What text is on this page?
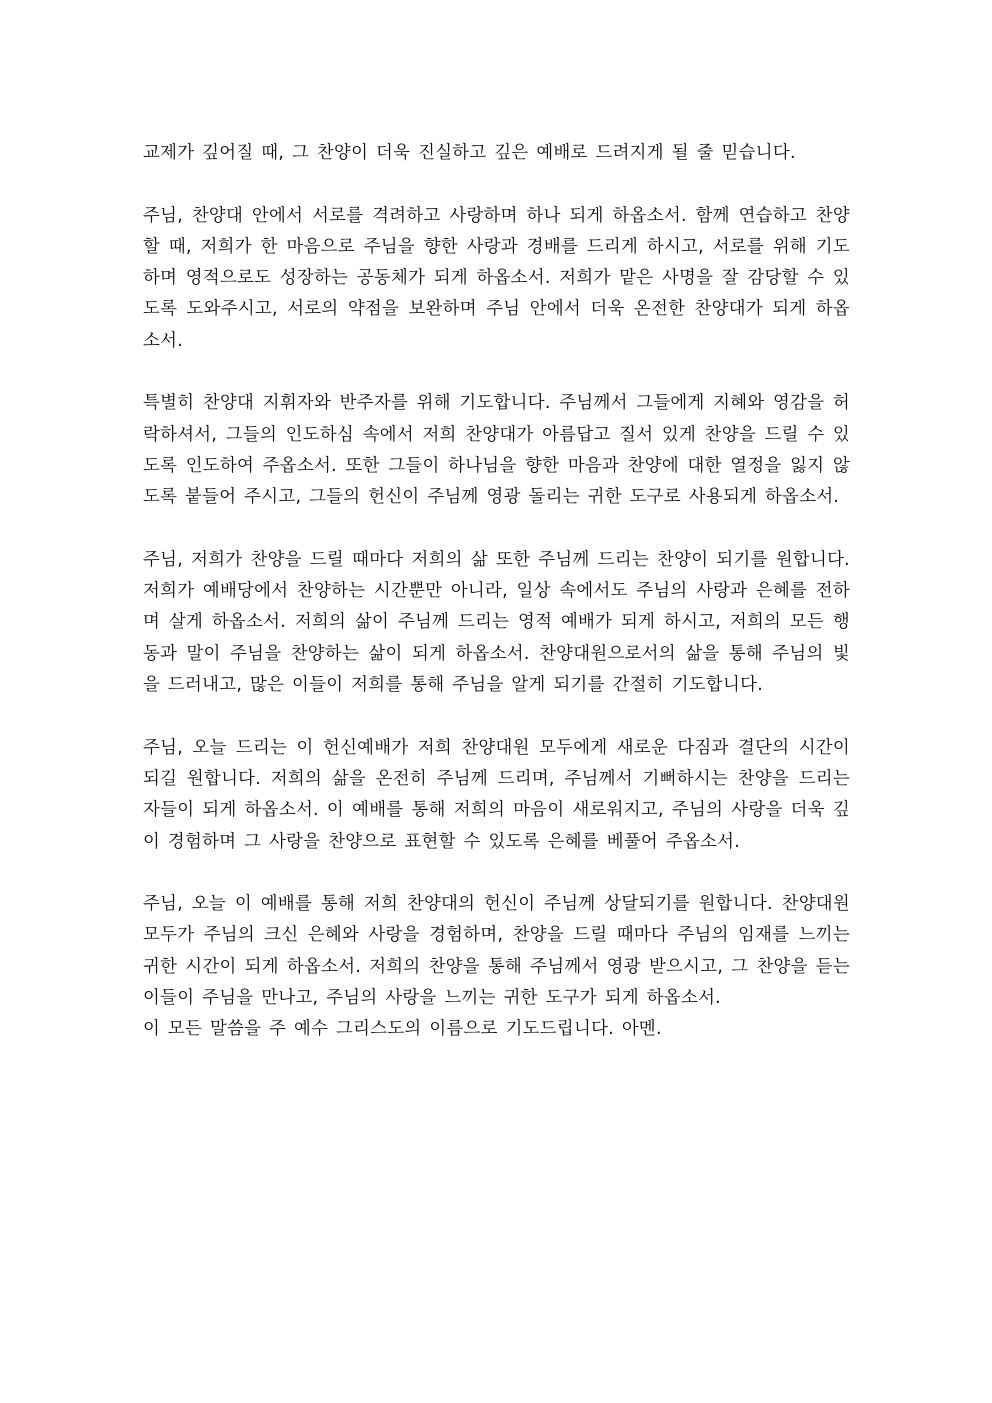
교제가 깊어질 때, 그 찬양이 더욱 진실하고 깊은 예배로 드려지게 될 줄 믿습니다.

주님, 찬양대 안에서 서로를 격려하고 사랑하며 하나 되게 하옵소서. 함께 연습하고 찬양할 때, 저희가 한 마음으로 주님을 향한 사랑과 경배를 드리게 하시고, 서로를 위해 기도하며 영적으로도 성장하는 공동체가 되게 하옵소서. 저희가 맡은 사명을 잘 감당할 수 있도록 도와주시고, 서로의 약점을 보완하며 주님 안에서 더욱 온전한 찬양대가 되게 하옵소서.

특별히 찬양대 지휘자와 반주자를 위해 기도합니다. 주님께서 그들에게 지혜와 영감을 허락하셔서, 그들의 인도하심 속에서 저희 찬양대가 아름답고 질서 있게 찬양을 드릴 수 있도록 인도하여 주옵소서. 또한 그들이 하나님을 향한 마음과 찬양에 대한 열정을 잃지 않도록 붙들어 주시고, 그들의 헌신이 주님께 영광 돌리는 귀한 도구로 사용되게 하옵소서.

주님, 저희가 찬양을 드릴 때마다 저희의 삶 또한 주님께 드리는 찬양이 되기를 원합니다. 저희가 예배당에서 찬양하는 시간뿐만 아니라, 일상 속에서도 주님의 사랑과 은혜를 전하며 살게 하옵소서. 저희의 삶이 주님께 드리는 영적 예배가 되게 하시고, 저희의 모든 행동과 말이 주님을 찬양하는 삶이 되게 하옵소서. 찬양대원으로서의 삶을 통해 주님의 빛을 드러내고, 많은 이들이 저희를 통해 주님을 알게 되기를 간절히 기도합니다.

주님, 오늘 드리는 이 헌신예배가 저희 찬양대원 모두에게 새로운 다짐과 결단의 시간이 되길 원합니다. 저희의 삶을 온전히 주님께 드리며, 주님께서 기뻐하시는 찬양을 드리는 자들이 되게 하옵소서. 이 예배를 통해 저희의 마음이 새로워지고, 주님의 사랑을 더욱 깊이 경험하며 그 사랑을 찬양으로 표현할 수 있도록 은혜를 베풀어 주옵소서.

주님, 오늘 이 예배를 통해 저희 찬양대의 헌신이 주님께 상달되기를 원합니다. 찬양대원 모두가 주님의 크신 은혜와 사랑을 경험하며, 찬양을 드릴 때마다 주님의 임재를 느끼는 귀한 시간이 되게 하옵소서. 저희의 찬양을 통해 주님께서 영광 받으시고, 그 찬양을 듣는 이들이 주님을 만나고, 주님의 사랑을 느끼는 귀한 도구가 되게 하옵소서.

이 모든 말씀을 주 예수 그리스도의 이름으로 기도드립니다. 아멘.
